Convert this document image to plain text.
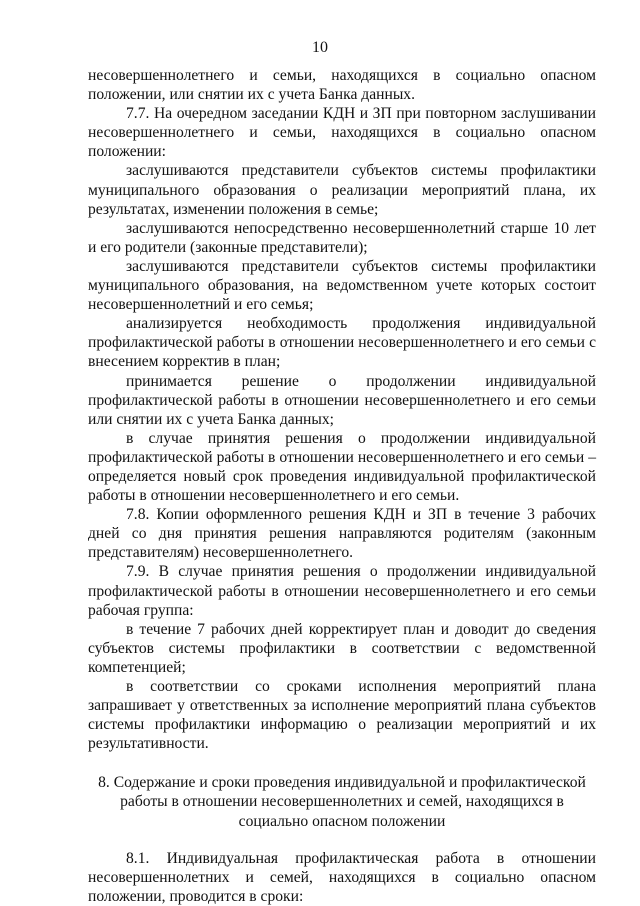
10

несовершеннолетнего и семьи, находящихся в социально опасном положении, или снятии их с учета Банка данных.

7.7. На очередном заседании КДН и ЗП при повторном заслушивании несовершеннолетнего и семьи, находящихся в социально опасном положении:

заслушиваются представители субъектов системы профилактики муниципального образования о реализации мероприятий плана, их результатах, изменении положения в семье;

заслушиваются непосредственно несовершеннолетний старше 10 лет и его родители (законные представители);

заслушиваются представители субъектов системы профилактики муниципального образования, на ведомственном учете которых состоит несовершеннолетний и его семья;

анализируется необходимость продолжения индивидуальной профилактической работы в отношении несовершеннолетнего и его семьи с внесением корректив в план;

принимается решение о продолжении индивидуальной профилактической работы в отношении несовершеннолетнего и его семьи или снятии их с учета Банка данных;

в случае принятия решения о продолжении индивидуальной профилактической работы в отношении несовершеннолетнего и его семьи – определяется новый срок проведения индивидуальной профилактической работы в отношении несовершеннолетнего и его семьи.

7.8. Копии оформленного решения КДН и ЗП в течение 3 рабочих дней со дня принятия решения направляются родителям (законным представителям) несовершеннолетнего.

7.9. В случае принятия решения о продолжении индивидуальной профилактической работы в отношении несовершеннолетнего и его семьи рабочая группа:

в течение 7 рабочих дней корректирует план и доводит до сведения субъектов системы профилактики в соответствии с ведомственной компетенцией;

в соответствии со сроками исполнения мероприятий плана запрашивает у ответственных за исполнение мероприятий плана субъектов системы профилактики информацию о реализации мероприятий и их результативности.

8. Содержание и сроки проведения индивидуальной и профилактической работы в отношении несовершеннолетних и семей, находящихся в социально опасном положении

8.1. Индивидуальная профилактическая работа в отношении несовершеннолетних и семей, находящихся в социально опасном положении, проводится в сроки:
